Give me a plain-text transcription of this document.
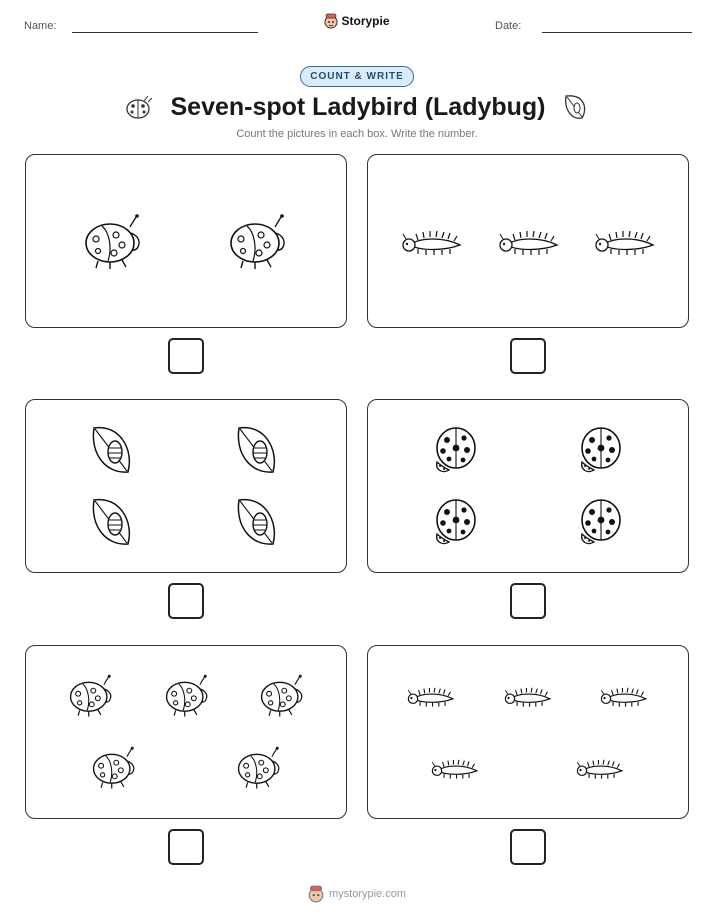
Name:	Storypie	Date:
COUNT & WRITE
Seven-spot Ladybird (Ladybug)
Count the pictures in each box. Write the number.
mystorypie.com
